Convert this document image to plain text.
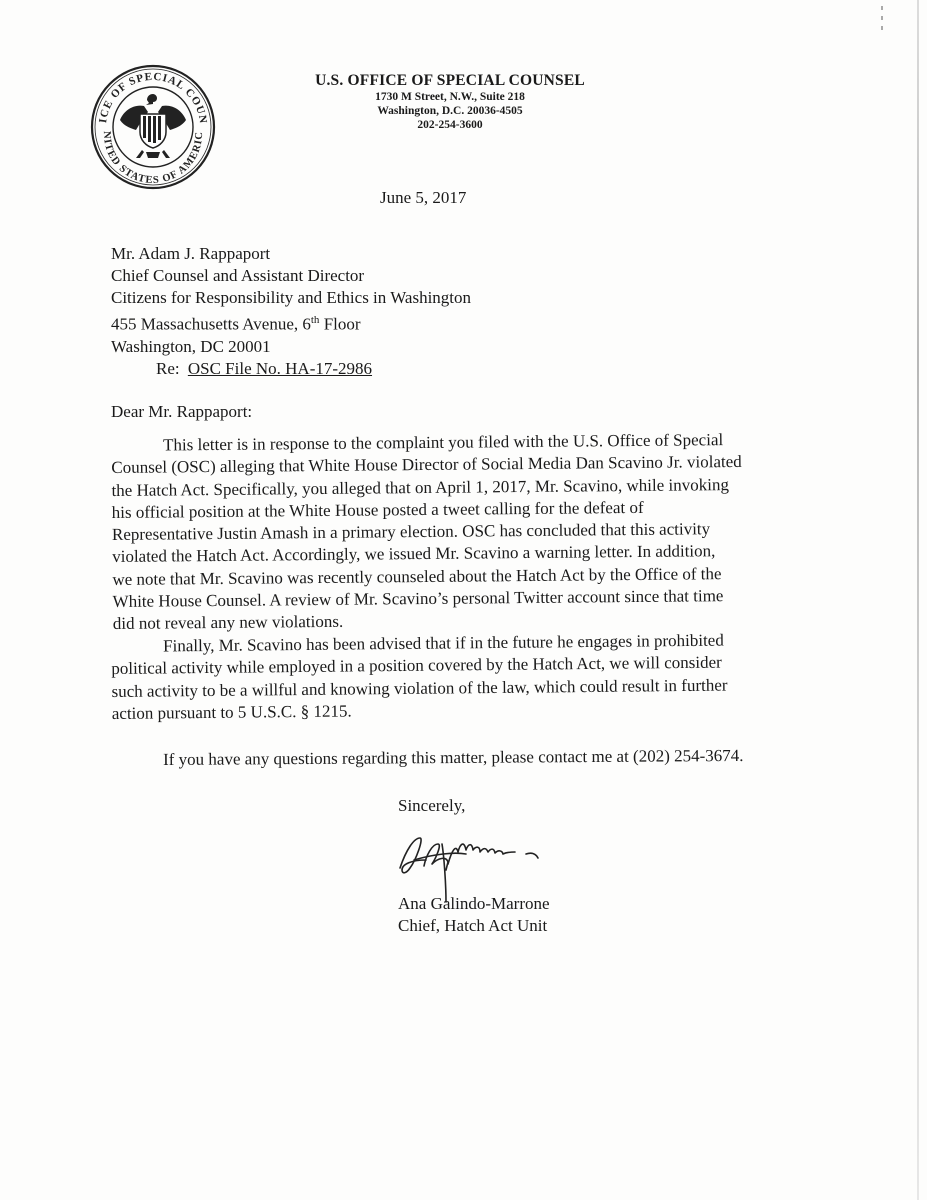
ICE OF SPECIAL COUN
NITED STATES OF AMERIC
U.S. OFFICE OF SPECIAL COUNSEL
1730 M Street, N.W., Suite 218
Washington, D.C. 20036-4505
202-254-3600
June 5, 2017
Mr. Adam J. Rappaport
Chief Counsel and Assistant Director
Citizens for Responsibility and Ethics in Washington
455 Massachusetts Avenue, 6th Floor
Washington, DC 20001
Re: OSC File No. HA-17-2986
Dear Mr. Rappaport:
This letter is in response to the complaint you filed with the U.S. Office of Special
Counsel (OSC) alleging that White House Director of Social Media Dan Scavino Jr. violated
the Hatch Act. Specifically, you alleged that on April 1, 2017, Mr. Scavino, while invoking
his official position at the White House posted a tweet calling for the defeat of
Representative Justin Amash in a primary election. OSC has concluded that this activity
violated the Hatch Act. Accordingly, we issued Mr. Scavino a warning letter. In addition,
we note that Mr. Scavino was recently counseled about the Hatch Act by the Office of the
White House Counsel. A review of Mr. Scavino’s personal Twitter account since that time
did not reveal any new violations.
Finally, Mr. Scavino has been advised that if in the future he engages in prohibited
political activity while employed in a position covered by the Hatch Act, we will consider
such activity to be a willful and knowing violation of the law, which could result in further
action pursuant to 5 U.S.C. § 1215.
If you have any questions regarding this matter, please contact me at (202) 254-3674.
Sincerely,
Ana Galindo-Marrone
Chief, Hatch Act Unit
